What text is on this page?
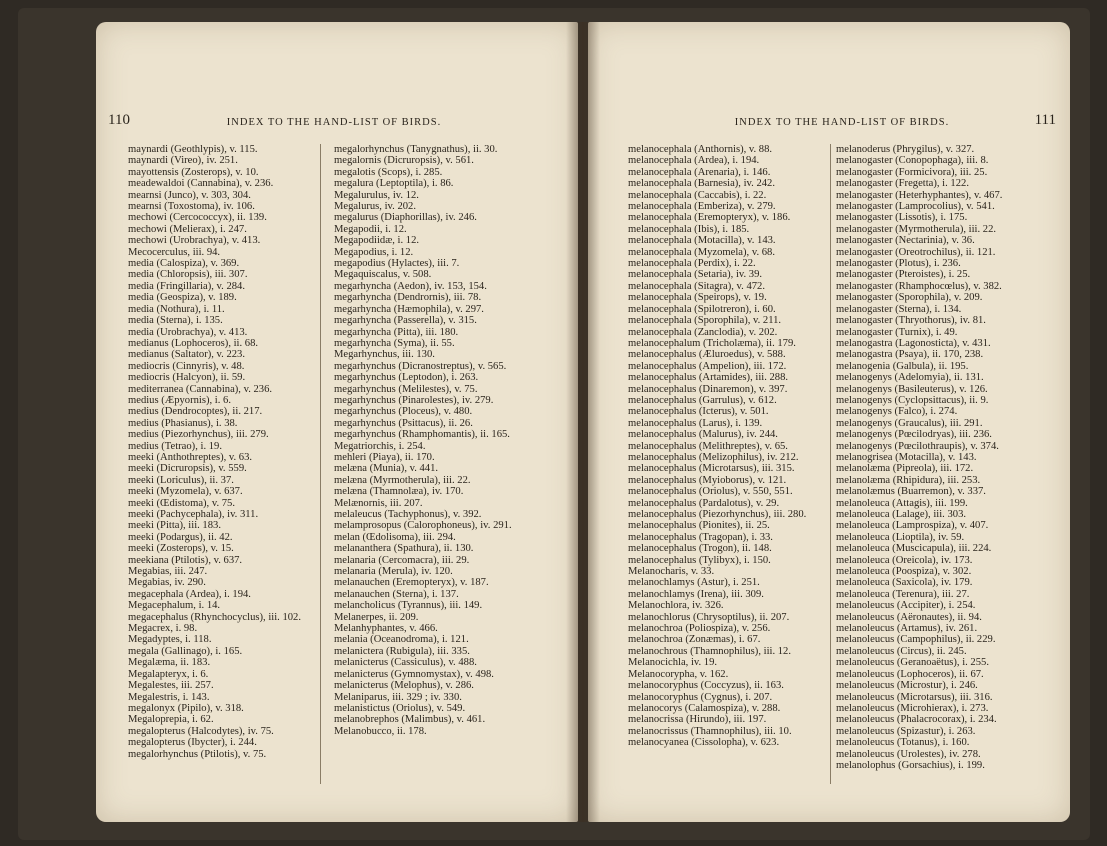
110	INDEX TO THE HAND-LIST OF BIRDS.
maynardi (Geothlypis), v. 115.
maynardi (Vireo), iv. 251.
mayottensis (Zosterops), v. 10.
meadewaldoi (Cannabina), v. 236.
mearnsi (Junco), v. 303, 304.
mearnsi (Toxostoma), iv. 106.
mechowi (Cercococcyx), ii. 139.
mechowi (Melierax), i. 247.
mechowi (Urobrachya), v. 413.
Mecocerculus, iii. 94.
media (Calospiza), v. 369.
media (Chloropsis), iii. 307.
media (Fringillaria), v. 284.
media (Geospiza), v. 189.
media (Nothura), i. 11.
media (Sterna), i. 135.
media (Urobrachya), v. 413.
medianus (Lophoceros), ii. 68.
medianus (Saltator), v. 223.
mediocris (Cinnyris), v. 48.
mediocris (Halcyon), ii. 59.
mediterranea (Cannabina), v. 236.
medius (Æpyornis), i. 6.
medius (Dendrocoptes), ii. 217.
medius (Phasianus), i. 38.
medius (Piezorhynchus), iii. 279.
medius (Tetrao), i. 19.
meeki (Anthothreptes), v. 63.
meeki (Dicruropsis), v. 559.
meeki (Loriculus), ii. 37.
meeki (Myzomela), v. 637.
meeki (Œdistoma), v. 75.
meeki (Pachycephala), iv. 311.
meeki (Pitta), iii. 183.
meeki (Podargus), ii. 42.
meeki (Zosterops), v. 15.
meekiana (Ptilotis), v. 637.
Megabias, iii. 247.
Megabias, iv. 290.
megacephala (Ardea), i. 194.
Megacephalum, i. 14.
megacephalus (Rhynchocyclus), iii. 102.
Megacrex, i. 98.
Megadyptes, i. 118.
megala (Gallinago), i. 165.
Megalæma, ii. 183.
Megalapteryx, i. 6.
Megalestes, iii. 257.
Megalestris, i. 143.
megalonyx (Pipilo), v. 318.
Megaloprepia, i. 62.
megalopterus (Halcodytes), iv. 75.
megalopterus (Ibycter), i. 244.
megalorhynchus (Ptilotis), v. 75.
megalorhynchus (Tanygnathus), ii. 30.
megalornis (Dicruropsis), v. 561.
megalotis (Scops), i. 285.
megalura (Leptoptila), i. 86.
Megalurulus, iv. 12.
Megalurus, iv. 202.
megalurus (Diaphorillas), iv. 246.
Megapodii, i. 12.
Megapodiidæ, i. 12.
Megapodius, i. 12.
megapodius (Hylactes), iii. 7.
Megaquiscalus, v. 508.
megarhyncha (Aedon), iv. 153, 154.
megarhyncha (Dendrornis), iii. 78.
megarhyncha (Hæmophila), v. 297.
megarhyncha (Passerella), v. 315.
megarhyncha (Pitta), iii. 180.
megarhyncha (Syma), ii. 55.
Megarhynchus, iii. 130.
megarhynchus (Dicranostreptus), v. 565.
megarhynchus (Leptodon), i. 263.
megarhynchus (Melilestes), v. 75.
megarhynchus (Pinarolestes), iv. 279.
megarhynchus (Ploceus), v. 480.
megarhynchus (Psittacus), ii. 26.
megarhynchus (Rhamphomantis), ii. 165.
Megatriorchis, i. 254.
mehleri (Piaya), ii. 170.
melæna (Munia), v. 441.
melæna (Myrmotherula), iii. 22.
melæna (Thamnolæa), iv. 170.
Melænornis, iii. 207.
melaleucus (Tachyphonus), v. 392.
melamprosopus (Calorophoneus), iv. 291.
melan (Œdolisoma), iii. 294.
melananthera (Spathura), ii. 130.
melanaria (Cercomacra), iii. 29.
melanaria (Merula), iv. 120.
melanauchen (Eremopteryx), v. 187.
melanauchen (Sterna), i. 137.
melancholicus (Tyrannus), iii. 149.
Melanerpes, ii. 209.
Melanhyphantes, v. 466.
melania (Oceanodroma), i. 121.
melanictera (Rubigula), iii. 335.
melanicterus (Cassiculus), v. 488.
melanicterus (Gymnomystax), v. 498.
melanicterus (Melophus), v. 286.
Melaniparus, iii. 329 ; iv. 330.
melanistictus (Oriolus), v. 549.
melanobrephos (Malimbus), v. 461.
Melanobucco, ii. 178.
INDEX TO THE HAND-LIST OF BIRDS.	111
melanocephala (Anthornis), v. 88.
melanocephala (Ardea), i. 194.
melanocephala (Arenaria), i. 146.
melanocephala (Barnesia), iv. 242.
melanocephala (Caccabis), i. 22.
melanocephala (Emberiza), v. 279.
melanocephala (Eremopteryx), v. 186.
melanocephala (Ibis), i. 185.
melanocephala (Motacilla), v. 143.
melanocephala (Myzomela), v. 68.
melanocephala (Perdix), i. 22.
melanocephala (Setaria), iv. 39.
melanocephala (Sitagra), v. 472.
melanocephala (Speirops), v. 19.
melanocephala (Spilotreron), i. 60.
melanocephala (Sporophila), v. 211.
melanocephala (Zanclodia), v. 202.
melanocephalum (Tricholæma), ii. 179.
melanocephalus (Æluroedus), v. 588.
melanocephalus (Ampelion), iii. 172.
melanocephalus (Artamides), iii. 288.
melanocephalus (Dinaremon), v. 397.
melanocephalus (Garrulus), v. 612.
melanocephalus (Icterus), v. 501.
melanocephalus (Larus), i. 139.
melanocephalus (Malurus), iv. 244.
melanocephalus (Melithreptes), v. 65.
melanocephalus (Melizophilus), iv. 212.
melanocephalus (Microtarsus), iii. 315.
melanocephalus (Myioborus), v. 121.
melanocephalus (Oriolus), v. 550, 551.
melanocephalus (Pardalotus), v. 29.
melanocephalus (Piezorhynchus), iii. 280.
melanocephalus (Pionites), ii. 25.
melanocephalus (Tragopan), i. 33.
melanocephalus (Trogon), ii. 148.
melanocephalus (Tylibyx), i. 150.
Melanocharis, v. 33.
melanochlamys (Astur), i. 251.
melanochlamys (Irena), iii. 309.
Melanochlora, iv. 326.
melanochlorus (Chrysoptilus), ii. 207.
melanochroa (Poliospiza), v. 256.
melanochroa (Zonæmas), i. 67.
melanochrous (Thamnophilus), iii. 12.
Melanocichla, iv. 19.
Melanocorypha, v. 162.
melanocoryphus (Coccyzus), ii. 163.
melanocoryphus (Cygnus), i. 207.
melanocorys (Calamospiza), v. 288.
melanocrissa (Hirundo), iii. 197.
melanocrissus (Thamnophilus), iii. 10.
melanocyanea (Cissolopha), v. 623.
melanoderus (Phrygilus), v. 327.
melanogaster (Conopophaga), iii. 8.
melanogaster (Formicivora), iii. 25.
melanogaster (Fregetta), i. 122.
melanogaster (Heterhyphantes), v. 467.
melanogaster (Lamprocolius), v. 541.
melanogaster (Lissotis), i. 175.
melanogaster (Myrmotherula), iii. 22.
melanogaster (Nectarinia), v. 36.
melanogaster (Oreotrochilus), ii. 121.
melanogaster (Plotus), i. 236.
melanogaster (Pteroistes), i. 25.
melanogaster (Rhamphocœlus), v. 382.
melanogaster (Sporophila), v. 209.
melanogaster (Sterna), i. 134.
melanogaster (Thryothorus), iv. 81.
melanogaster (Turnix), i. 49.
melanogastra (Lagonosticta), v. 431.
melanogastra (Psaya), ii. 170, 238.
melanogenia (Galbula), ii. 195.
melanogenys (Adelomyia), ii. 131.
melanogenys (Basileuterus), v. 126.
melanogenys (Cyclopsittacus), ii. 9.
melanogenys (Falco), i. 274.
melanogenys (Graucalus), iii. 291.
melanogenys (Pœcilodryas), iii. 236.
melanogenys (Pœcilothraupis), v. 374.
melanogrisea (Motacilla), v. 143.
melanolæma (Pipreola), iii. 172.
melanolæma (Rhipidura), iii. 253.
melanolæmus (Buarremon), v. 337.
melanoleuca (Attagis), iii. 199.
melanoleuca (Lalage), iii. 303.
melanoleuca (Lamprospiza), v. 407.
melanoleuca (Lioptila), iv. 59.
melanoleuca (Muscicapula), iii. 224.
melanoleuca (Oreicola), iv. 173.
melanoleuca (Poospiza), v. 302.
melanoleuca (Saxicola), iv. 179.
melanoleuca (Terenura), iii. 27.
melanoleucus (Accipiter), i. 254.
melanoleucus (Aëronautes), ii. 94.
melanoleucus (Artamus), iv. 261.
melanoleucus (Campophilus), ii. 229.
melanoleucus (Circus), ii. 245.
melanoleucus (Geranoaëtus), i. 255.
melanoleucus (Lophoceros), ii. 67.
melanoleucus (Microstur), i. 246.
melanoleucus (Microtarsus), iii. 316.
melanoleucus (Microhierax), i. 273.
melanoleucus (Phalacrocorax), i. 234.
melanoleucus (Spizastur), i. 263.
melanoleucus (Totanus), i. 160.
melanoleucus (Urolestes), iv. 278.
melanolophus (Gorsachius), i. 199.
